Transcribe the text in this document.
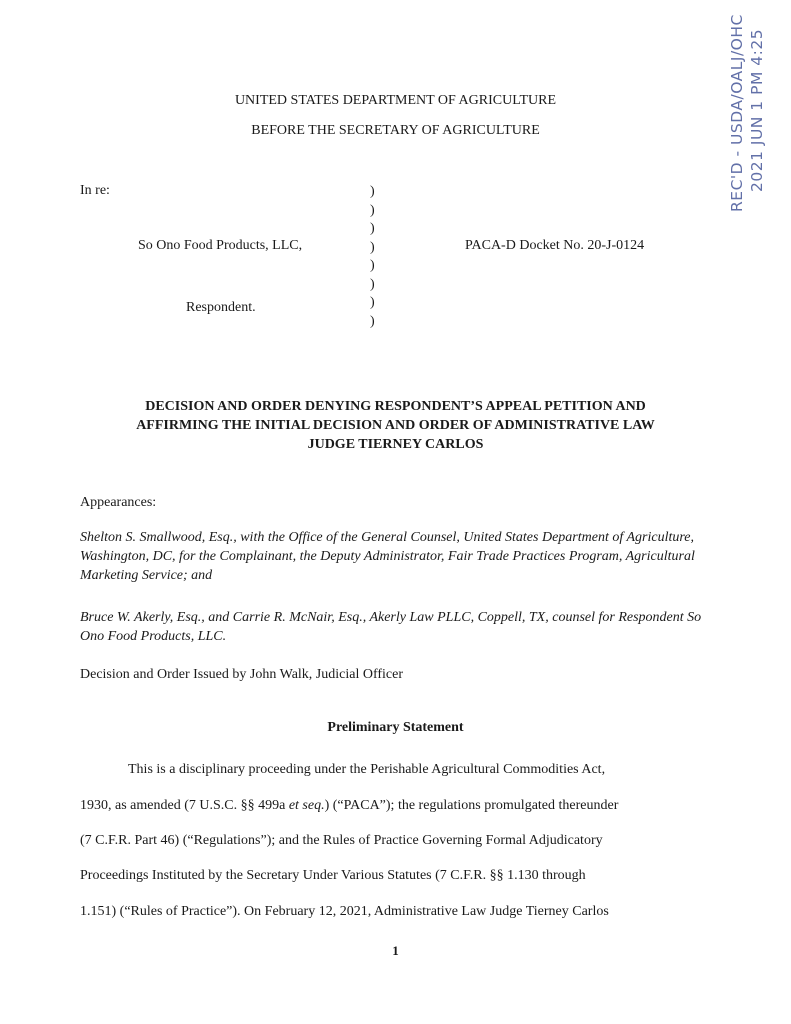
REC'D - USDA/OALJ/OHC 2021 JUN 1 PM 4:25
UNITED STATES DEPARTMENT OF AGRICULTURE
BEFORE THE SECRETARY OF AGRICULTURE
In re:
So Ono Food Products, LLC,
Respondent.
PACA-D Docket No. 20-J-0124
)
)
)
)
)
)
)
)
DECISION AND ORDER DENYING RESPONDENT’S APPEAL PETITION AND
AFFIRMING THE INITIAL DECISION AND ORDER OF ADMINISTRATIVE LAW
JUDGE TIERNEY CARLOS
Appearances:
Shelton S. Smallwood, Esq., with the Office of the General Counsel, United States Department of Agriculture, Washington, DC, for the Complainant, the Deputy Administrator, Fair Trade Practices Program, Agricultural Marketing Service; and
Bruce W. Akerly, Esq., and Carrie R. McNair, Esq., Akerly Law PLLC, Coppell, TX, counsel for Respondent So Ono Food Products, LLC.
Decision and Order Issued by John Walk, Judicial Officer
Preliminary Statement
This is a disciplinary proceeding under the Perishable Agricultural Commodities Act,
1930, as amended (7 U.S.C. §§ 499a et seq.) (“PACA”); the regulations promulgated thereunder
(7 C.F.R. Part 46) (“Regulations”); and the Rules of Practice Governing Formal Adjudicatory
Proceedings Instituted by the Secretary Under Various Statutes (7 C.F.R. §§ 1.130 through
1.151) (“Rules of Practice”). On February 12, 2021, Administrative Law Judge Tierney Carlos
1
